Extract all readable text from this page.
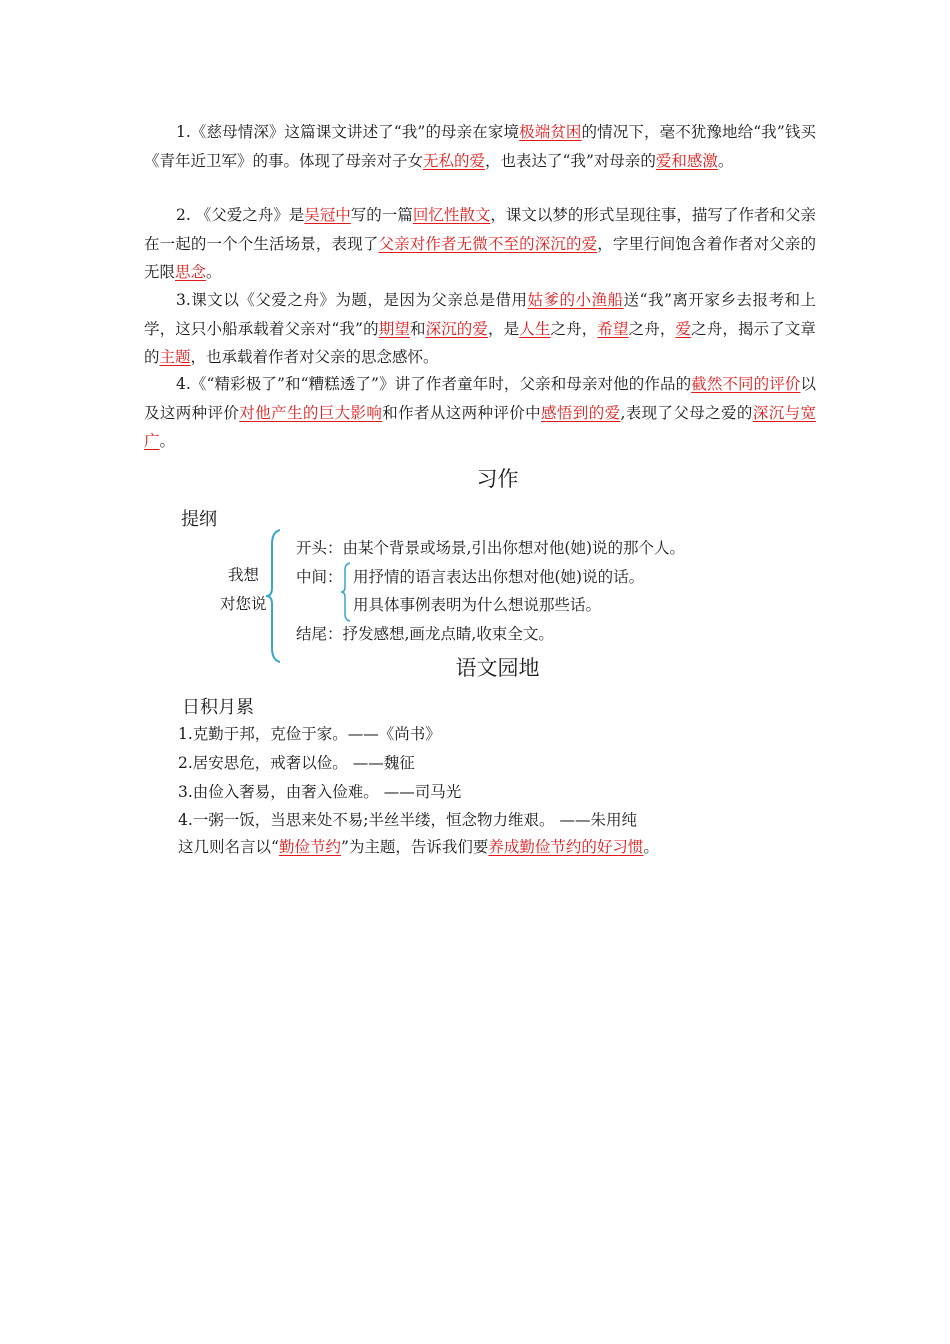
1.《慈母情深》这篇课文讲述了“我”的母亲在家境极端贫困的情况下，毫不犹豫地给“我”钱买《青年近卫军》的事。体现了母亲对子女无私的爱，也表达了“我”对母亲的爱和感激。

2. 《父爱之舟》是吴冠中写的一篇回忆性散文，课文以梦的形式呈现往事，描写了作者和父亲在一起的一个个生活场景，表现了父亲对作者无微不至的深沉的爱，字里行间饱含着作者对父亲的无限思念。

3.课文以《父爱之舟》为题，是因为父亲总是借用姑爹的小渔船送“我”离开家乡去报考和上学，这只小船承载着父亲对“我”的期望和深沉的爱，是人生之舟，希望之舟，爱之舟，揭示了文章的主题，也承载着作者对父亲的思念感怀。

4.《“精彩极了”和“糟糕透了”》讲了作者童年时，父亲和母亲对他的作品的截然不同的评价以及这两种评价对他产生的巨大影响和作者从这两种评价中感悟到的爱,表现了父母之爱的深沉与宽广。

习作

提纲

我想

对您说

开头：由某个背景或场景,引出你想对他(她)说的那个人。

中间： 用抒情的语言表达出你想对他(她)说的话。

用具体事例表明为什么想说那些话。

结尾：抒发感想,画龙点睛,收束全文。

语文园地

日积月累

1.克勤于邦，克俭于家。——《尚书》

2.居安思危，戒奢以俭。 ——魏征

3.由俭入奢易，由奢入俭难。 ——司马光

4.一粥一饭，当思来处不易;半丝半缕，恒念物力维艰。 ——朱用纯

这几则名言以“勤俭节约”为主题，告诉我们要养成勤俭节约的好习惯。
